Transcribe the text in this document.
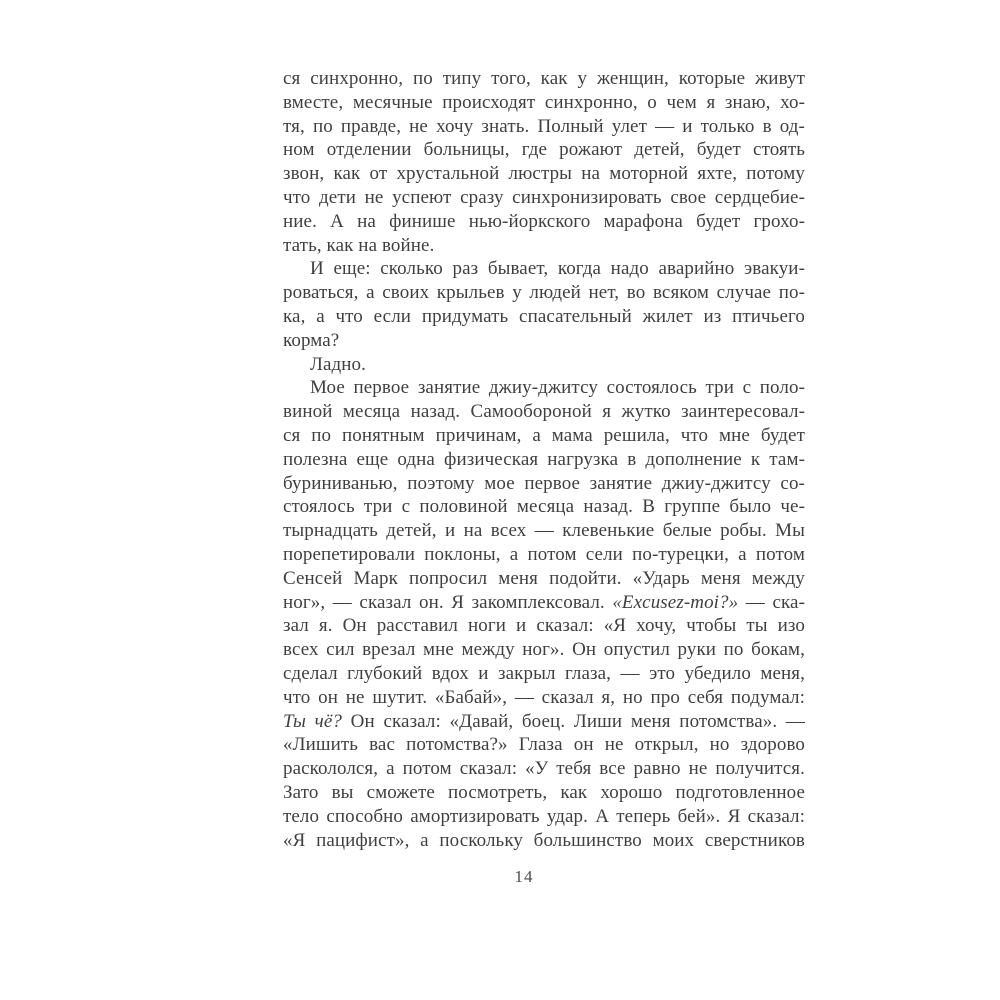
ся синхронно, по типу того, как у женщин, которые живут
вместе, месячные происходят синхронно, о чем я знаю, хо-
тя, по правде, не хочу знать. Полный улет — и только в од-
ном отделении больницы, где рожают детей, будет стоять
звон, как от хрустальной люстры на моторной яхте, потому
что дети не успеют сразу синхронизировать свое сердцебие-
ние. А на финише нью-йоркского марафона будет грохо-
тать, как на войне.
И еще: сколько раз бывает, когда надо аварийно эвакуи-
роваться, а своих крыльев у людей нет, во всяком случае по-
ка, а что если придумать спасательный жилет из птичьего
корма?
Ладно.
Мое первое занятие джиу-джитсу состоялось три с поло-
виной месяца назад. Самообороной я жутко заинтересовал-
ся по понятным причинам, а мама решила, что мне будет
полезна еще одна физическая нагрузка в дополнение к там-
буриниванью, поэтому мое первое занятие джиу-джитсу со-
стоялось три с половиной месяца назад. В группе было че-
тырнадцать детей, и на всех — клевенькие белые робы. Мы
порепетировали поклоны, а потом сели по-турецки, а потом
Сенсей Марк попросил меня подойти. «Ударь меня между
ног», — сказал он. Я закомплексовал. «Excusez-moi?» — ска-
зал я. Он расставил ноги и сказал: «Я хочу, чтобы ты изо
всех сил врезал мне между ног». Он опустил руки по бокам,
сделал глубокий вдох и закрыл глаза, — это убедило меня,
что он не шутит. «Бабай», — сказал я, но про себя подумал:
Ты чё? Он сказал: «Давай, боец. Лиши меня потомства». —
«Лишить вас потомства?» Глаза он не открыл, но здорово
раскололся, а потом сказал: «У тебя все равно не получится.
Зато вы сможете посмотреть, как хорошо подготовленное
тело способно амортизировать удар. А теперь бей». Я сказал:
«Я пацифист», а поскольку большинство моих сверстников
14
